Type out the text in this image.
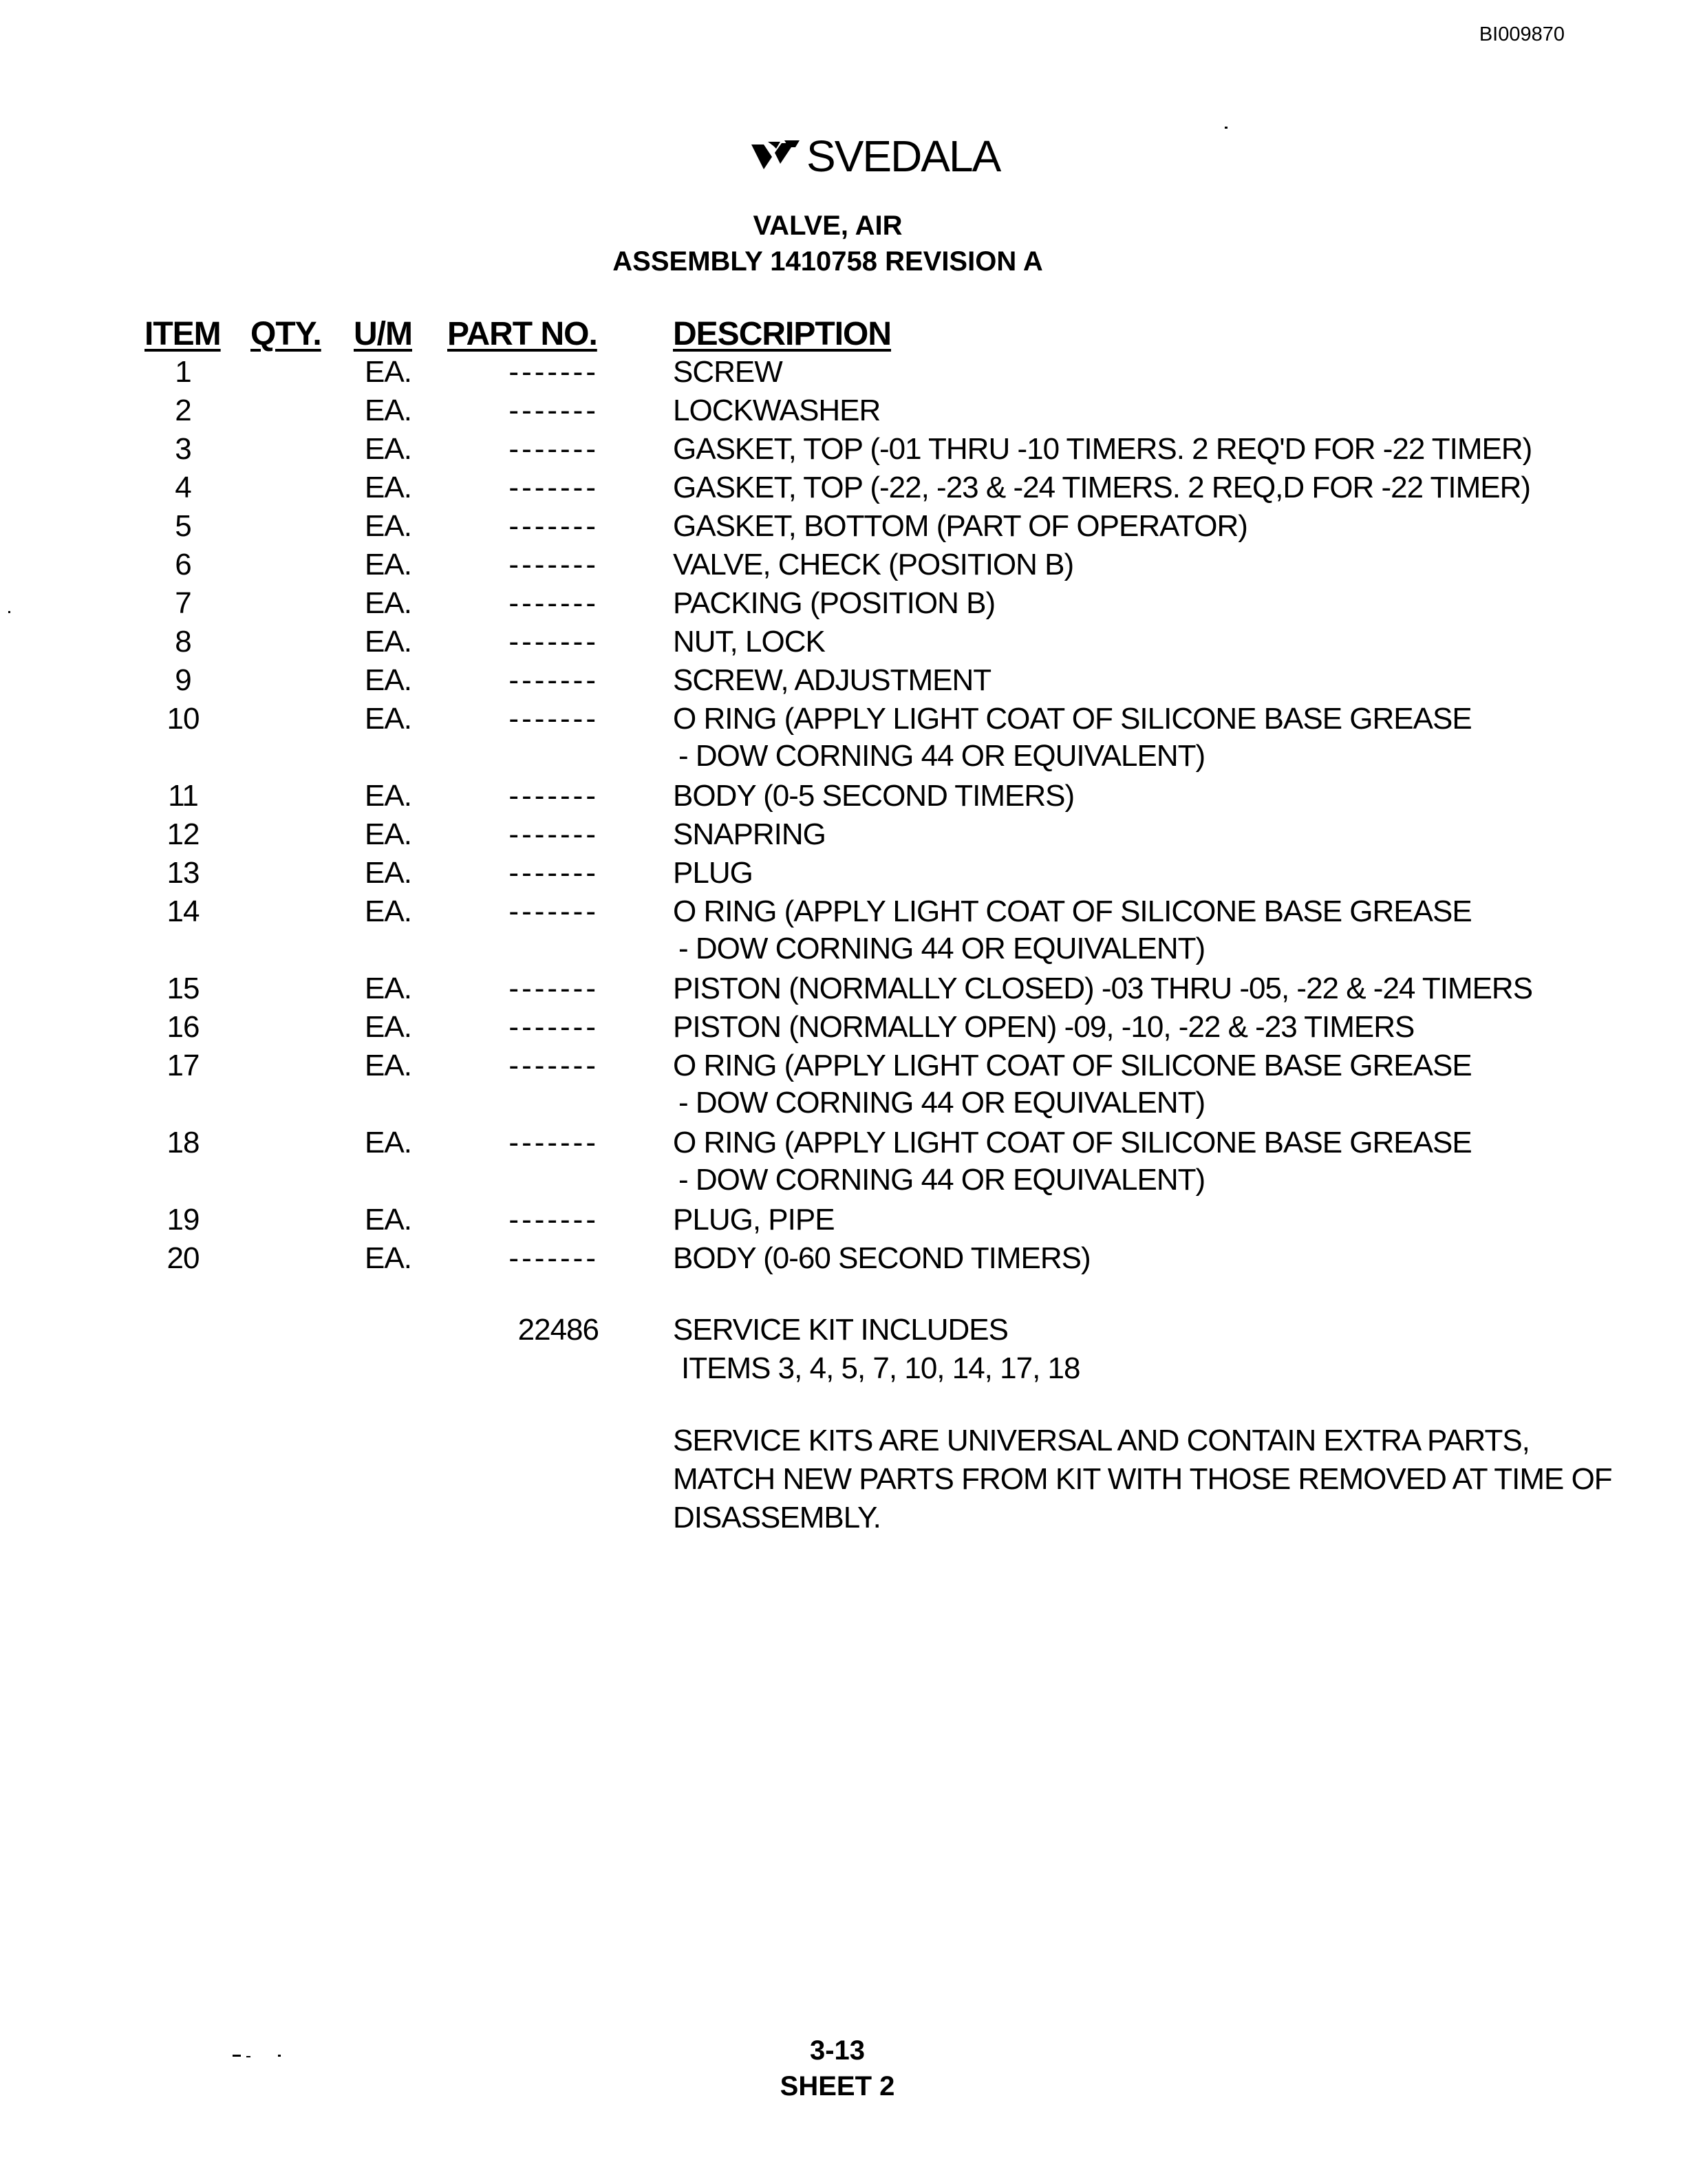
BI009870
SVEDALA
VALVE, AIR
ASSEMBLY 1410758 REVISION A
ITEM QTY. U/M PART NO. DESCRIPTION
1	EA.	------- SCREW
2	EA.	------- LOCKWASHER
3	EA.	------- GASKET, TOP (-01 THRU -10 TIMERS. 2 REQ'D FOR -22 TIMER)
4	EA.	------- GASKET, TOP (-22, -23 & -24 TIMERS. 2 REQ,D FOR -22 TIMER)
5	EA.	------- GASKET, BOTTOM (PART OF OPERATOR)
6	EA.	------- VALVE, CHECK (POSITION B)
7	EA.	------- PACKING (POSITION B)
8	EA.	------- NUT, LOCK
9	EA.	------- SCREW, ADJUSTMENT
10	EA.	------- O RING (APPLY LIGHT COAT OF SILICONE BASE GREASE
- DOW CORNING 44 OR EQUIVALENT)
11	EA.	------- BODY (0-5 SECOND TIMERS)
12	EA.	------- SNAPRING
13	EA.	------- PLUG
14	EA.	------- O RING (APPLY LIGHT COAT OF SILICONE BASE GREASE
- DOW CORNING 44 OR EQUIVALENT)
15	EA.	------- PISTON (NORMALLY CLOSED) -03 THRU -05, -22 & -24 TIMERS
16	EA.	------- PISTON (NORMALLY OPEN) -09, -10, -22 & -23 TIMERS
17	EA.	------- O RING (APPLY LIGHT COAT OF SILICONE BASE GREASE
- DOW CORNING 44 OR EQUIVALENT)
18	EA.	------- O RING (APPLY LIGHT COAT OF SILICONE BASE GREASE
- DOW CORNING 44 OR EQUIVALENT)
19	EA.	------- PLUG, PIPE
20	EA.	------- BODY (0-60 SECOND TIMERS)
22486 SERVICE KIT INCLUDES
ITEMS 3, 4, 5, 7, 10, 14, 17, 18
SERVICE KITS ARE UNIVERSAL AND CONTAIN EXTRA PARTS,
MATCH NEW PARTS FROM KIT WITH THOSE REMOVED AT TIME OF
DISASSEMBLY.
3-13
SHEET 2
